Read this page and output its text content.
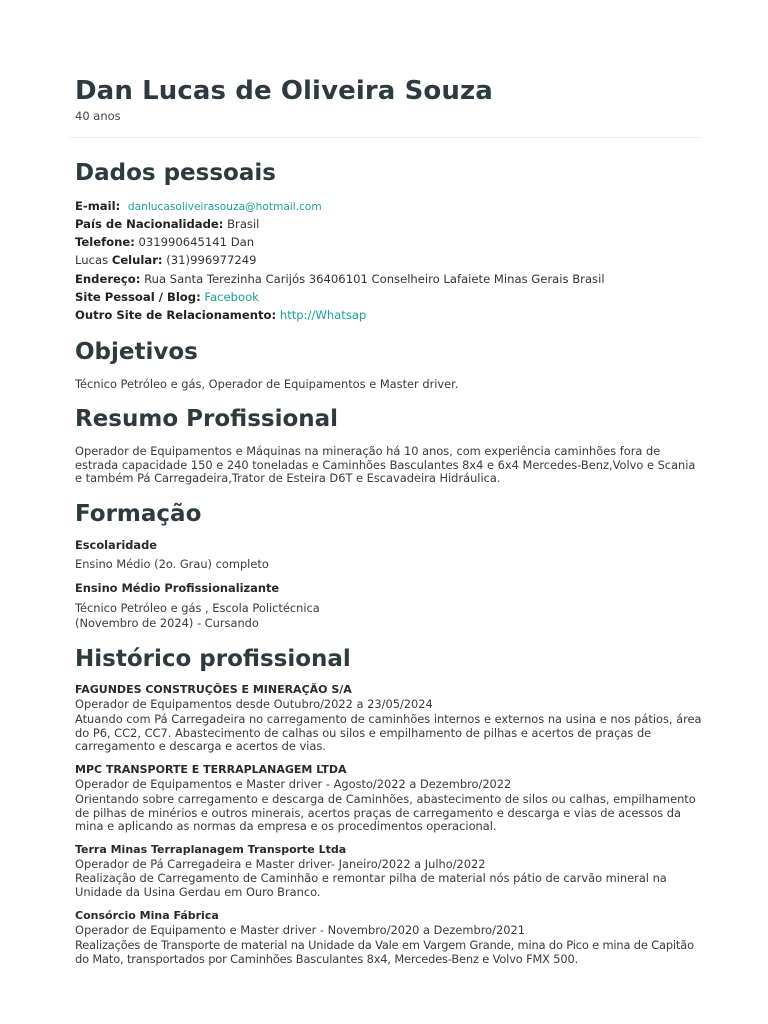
Dan Lucas de Oliveira Souza
40 anos
Dados pessoais
E-mail: danlucasoliveirasouza@hotmail.com
País de Nacionalidade: Brasil
Telefone: 031990645141 Dan
Lucas Celular: (31)996977249
Endereço: Rua Santa Terezinha Carijós 36406101 Conselheiro Lafaiete Minas Gerais Brasil
Site Pessoal / Blog: Facebook
Outro Site de Relacionamento: http://Whatsap
Objetivos
Técnico Petróleo e gás, Operador de Equipamentos e Master driver.
Resumo Profissional
Operador de Equipamentos e Máquinas na mineração há 10 anos, com experiência caminhões fora de estrada capacidade 150 e 240 toneladas e Caminhões Basculantes 8x4 e 6x4 Mercedes-Benz,Volvo e Scania e também Pá Carregadeira,Trator de Esteira D6T e Escavadeira Hidráulica.
Formação
Escolaridade
Ensino Médio (2o. Grau) completo
Ensino Médio Profissionalizante
Técnico Petróleo e gás , Escola Polictécnica
(Novembro de 2024) - Cursando
Histórico profissional
FAGUNDES CONSTRUÇÕES E MINERAÇÃO S/A
Operador de Equipamentos desde Outubro/2022 a 23/05/2024
Atuando com Pá Carregadeira no carregamento de caminhões internos e externos na usina e nos pátios, área do P6, CC2, CC7. Abastecimento de calhas ou silos e empilhamento de pilhas e acertos de praças de carregamento e descarga e acertos de vias.
MPC TRANSPORTE E TERRAPLANAGEM LTDA
Operador de Equipamentos e Master driver - Agosto/2022 a Dezembro/2022
Orientando sobre carregamento e descarga de Caminhões, abastecimento de silos ou calhas, empilhamento de pilhas de minérios e outros minerais, acertos praças de carregamento e descarga e vias de acessos da mina e aplicando as normas da empresa e os procedimentos operacional.
Terra Minas Terraplanagem Transporte Ltda
Operador de Pá Carregadeira e Master driver- Janeiro/2022 a Julho/2022
Realização de Carregamento de Caminhão e remontar pilha de material nós pátio de carvão mineral na Unidade da Usina Gerdau em Ouro Branco.
Consórcio Mina Fábrica
Operador de Equipamento e Master driver - Novembro/2020 a Dezembro/2021
Realizações de Transporte de material na Unidade da Vale em Vargem Grande, mina do Pico e mina de Capitão do Mato, transportados por Caminhões Basculantes 8x4, Mercedes-Benz e Volvo FMX 500.
